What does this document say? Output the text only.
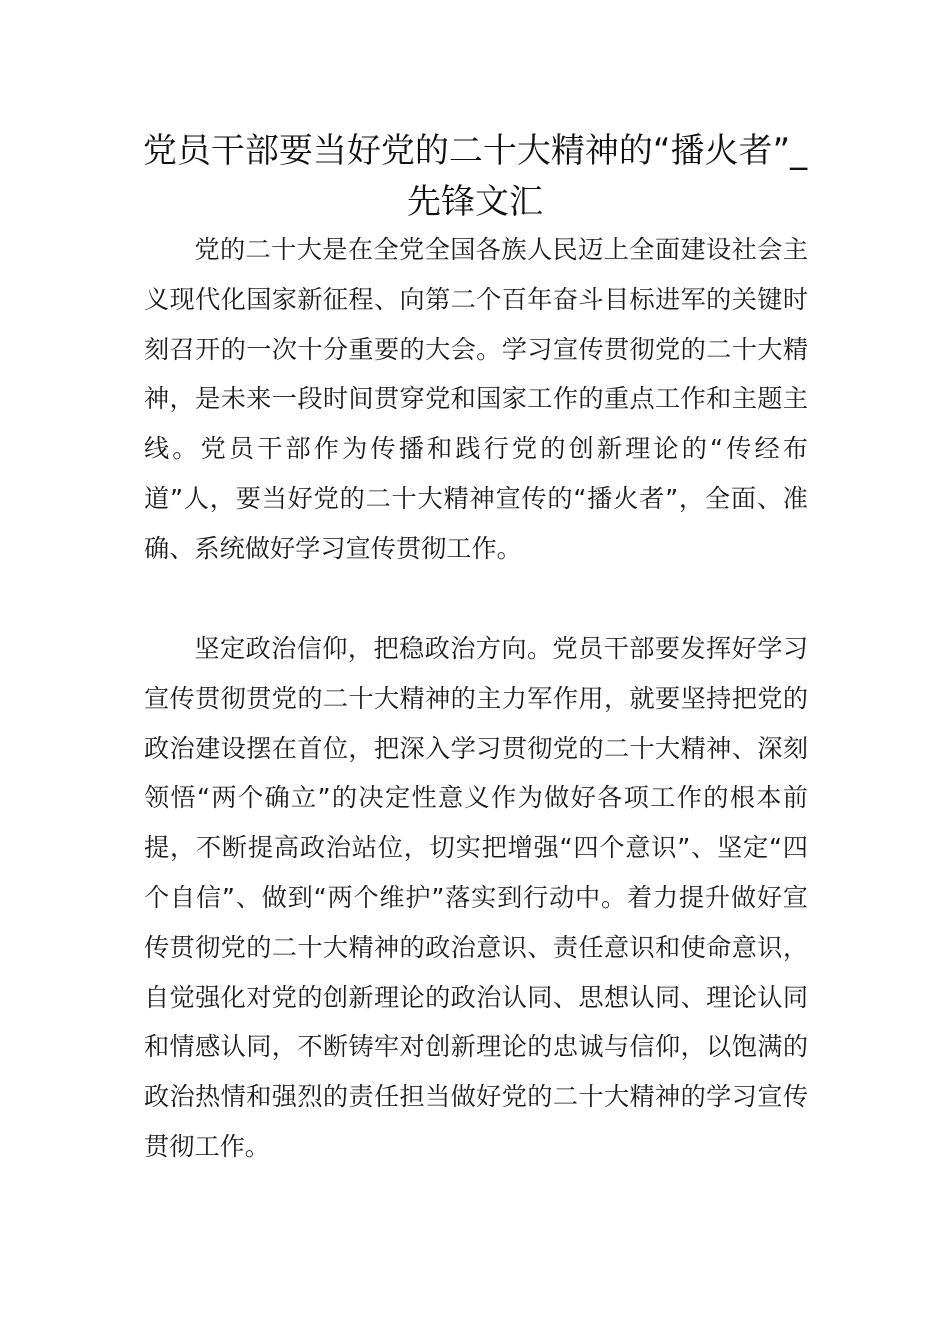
党员干部要当好党的二十大精神的“播火者”_先锋文汇

党的二十大是在全党全国各族人民迈上全面建设社会主义现代化国家新征程、向第二个百年奋斗目标进军的关键时刻召开的一次十分重要的大会。学习宣传贯彻党的二十大精神，是未来一段时间贯穿党和国家工作的重点工作和主题主线。党员干部作为传播和践行党的创新理论的“传经布道”人，要当好党的二十大精神宣传的“播火者”，全面、准确、系统做好学习宣传贯彻工作。

坚定政治信仰，把稳政治方向。党员干部要发挥好学习宣传贯彻贯党的二十大精神的主力军作用，就要坚持把党的政治建设摆在首位，把深入学习贯彻党的二十大精神、深刻领悟“两个确立”的决定性意义作为做好各项工作的根本前提，不断提高政治站位，切实把增强“四个意识”、坚定“四个自信”、做到“两个维护”落实到行动中。着力提升做好宣传贯彻党的二十大精神的政治意识、责任意识和使命意识，自觉强化对党的创新理论的政治认同、思想认同、理论认同和情感认同，不断铸牢对创新理论的忠诚与信仰，以饱满的政治热情和强烈的责任担当做好党的二十大精神的学习宣传贯彻工作。
